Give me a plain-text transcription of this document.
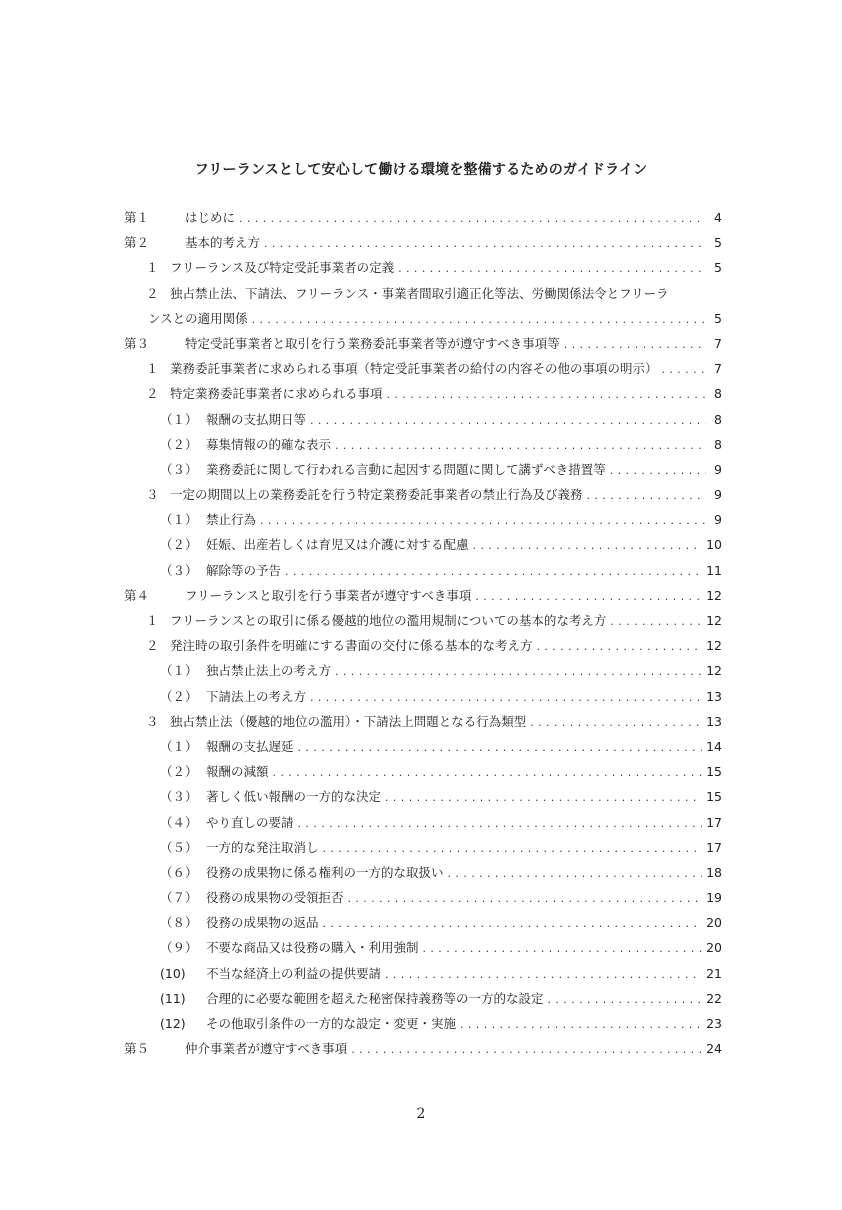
フリーランスとして安心して働ける環境を整備するためのガイドライン
第１	はじめに . . .	4
第２	基本的考え方 . . .	5
１ フリーランス及び特定受託事業者の定義 . . .	5
２ 独占禁止法、下請法、フリーランス・事業者間取引適正化等法、労働関係法令とフリーラ
ンスとの適用関係 . . .	5
第３	特定受託事業者と取引を行う業務委託事業者等が遵守すべき事項等 . . .	7
１ 業務委託事業者に求められる事項（特定受託事業者の給付の内容その他の事項の明示） . . .	7
２ 特定業務委託事業者に求められる事項 . . .	8
（１） 報酬の支払期日等 . . .	8
（２） 募集情報の的確な表示 . . .	8
（３） 業務委託に関して行われる言動に起因する問題に関して講ずべき措置等 . . .	9
３ 一定の期間以上の業務委託を行う特定業務委託事業者の禁止行為及び義務 . . .	9
（１） 禁止行為 . . .	9
（２） 妊娠、出産若しくは育児又は介護に対する配慮 . . .	10
（３） 解除等の予告 . . .	11
第４	フリーランスと取引を行う事業者が遵守すべき事項 . . .	12
１ フリーランスとの取引に係る優越的地位の濫用規制についての基本的な考え方 . . .	12
２ 発注時の取引条件を明確にする書面の交付に係る基本的な考え方 . . .	12
（１） 独占禁止法上の考え方 . . .	12
（２） 下請法上の考え方 . . .	13
３ 独占禁止法（優越的地位の濫用）・下請法上問題となる行為類型 . . .	13
（１） 報酬の支払遅延 . . .	14
（２） 報酬の減額 . . .	15
（３） 著しく低い報酬の一方的な決定 . . .	15
（４） やり直しの要請 . . .	17
（５） 一方的な発注取消し . . .	17
（６） 役務の成果物に係る権利の一方的な取扱い . . .	18
（７） 役務の成果物の受領拒否 . . .	19
（８） 役務の成果物の返品 . . .	20
（９） 不要な商品又は役務の購入・利用強制 . . .	20
(10)	不当な経済上の利益の提供要請 . . .	21
(11)	合理的に必要な範囲を超えた秘密保持義務等の一方的な設定 . . .	22
(12)	その他取引条件の一方的な設定・変更・実施 . . .	23
第５	仲介事業者が遵守すべき事項 . . .	24
2
